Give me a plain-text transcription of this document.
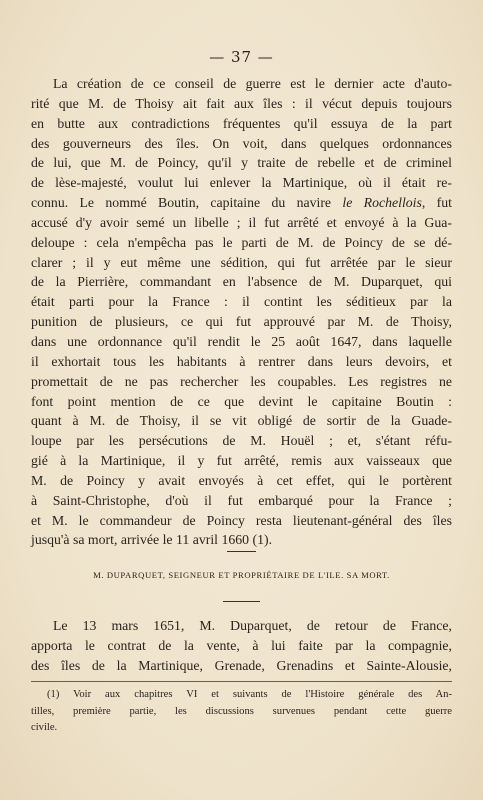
— 37 —
La création de ce conseil de guerre est le dernier acte d'auto-
rité que M. de Thoisy ait fait aux îles : il vécut depuis toujours
en butte aux contradictions fréquentes qu'il essuya de la part
des gouverneurs des îles. On voit, dans quelques ordonnances
de lui, que M. de Poincy, qu'il y traite de rebelle et de criminel
de lèse-majesté, voulut lui enlever la Martinique, où il était re-
connu. Le nommé Boutin, capitaine du navire le Rochellois, fut
accusé d'y avoir semé un libelle ; il fut arrêté et envoyé à la Gua-
deloupe : cela n'empêcha pas le parti de M. de Poincy de se dé-
clarer ; il y eut même une sédition, qui fut arrêtée par le sieur
de la Pierrière, commandant en l'absence de M. Duparquet, qui
était parti pour la France : il contint les séditieux par la
punition de plusieurs, ce qui fut approuvé par M. de Thoisy,
dans une ordonnance qu'il rendit le 25 août 1647, dans laquelle
il exhortait tous les habitants à rentrer dans leurs devoirs, et
promettait de ne pas rechercher les coupables. Les registres ne
font point mention de ce que devint le capitaine Boutin :
quant à M. de Thoisy, il se vit obligé de sortir de la Guade-
loupe par les persécutions de M. Houël ; et, s'étant réfu-
gié à la Martinique, il y fut arrêté, remis aux vaisseaux que
M. de Poincy y avait envoyés à cet effet, qui le portèrent
à Saint-Christophe, d'où il fut embarqué pour la France ;
et M. le commandeur de Poincy resta lieutenant-général des îles
jusqu'à sa mort, arrivée le 11 avril 1660 (1).
M. DUPARQUET, SEIGNEUR ET PROPRIÉTAIRE DE L'ILE. SA MORT.
Le 13 mars 1651, M. Duparquet, de retour de France,
apporta le contrat de la vente, à lui faite par la compagnie,
des îles de la Martinique, Grenade, Grenadins et Sainte-Alousie,
(1) Voir aux chapitres VI et suivants de l'Histoire générale des An-
tilles, première partie, les discussions survenues pendant cette guerre
civile.
